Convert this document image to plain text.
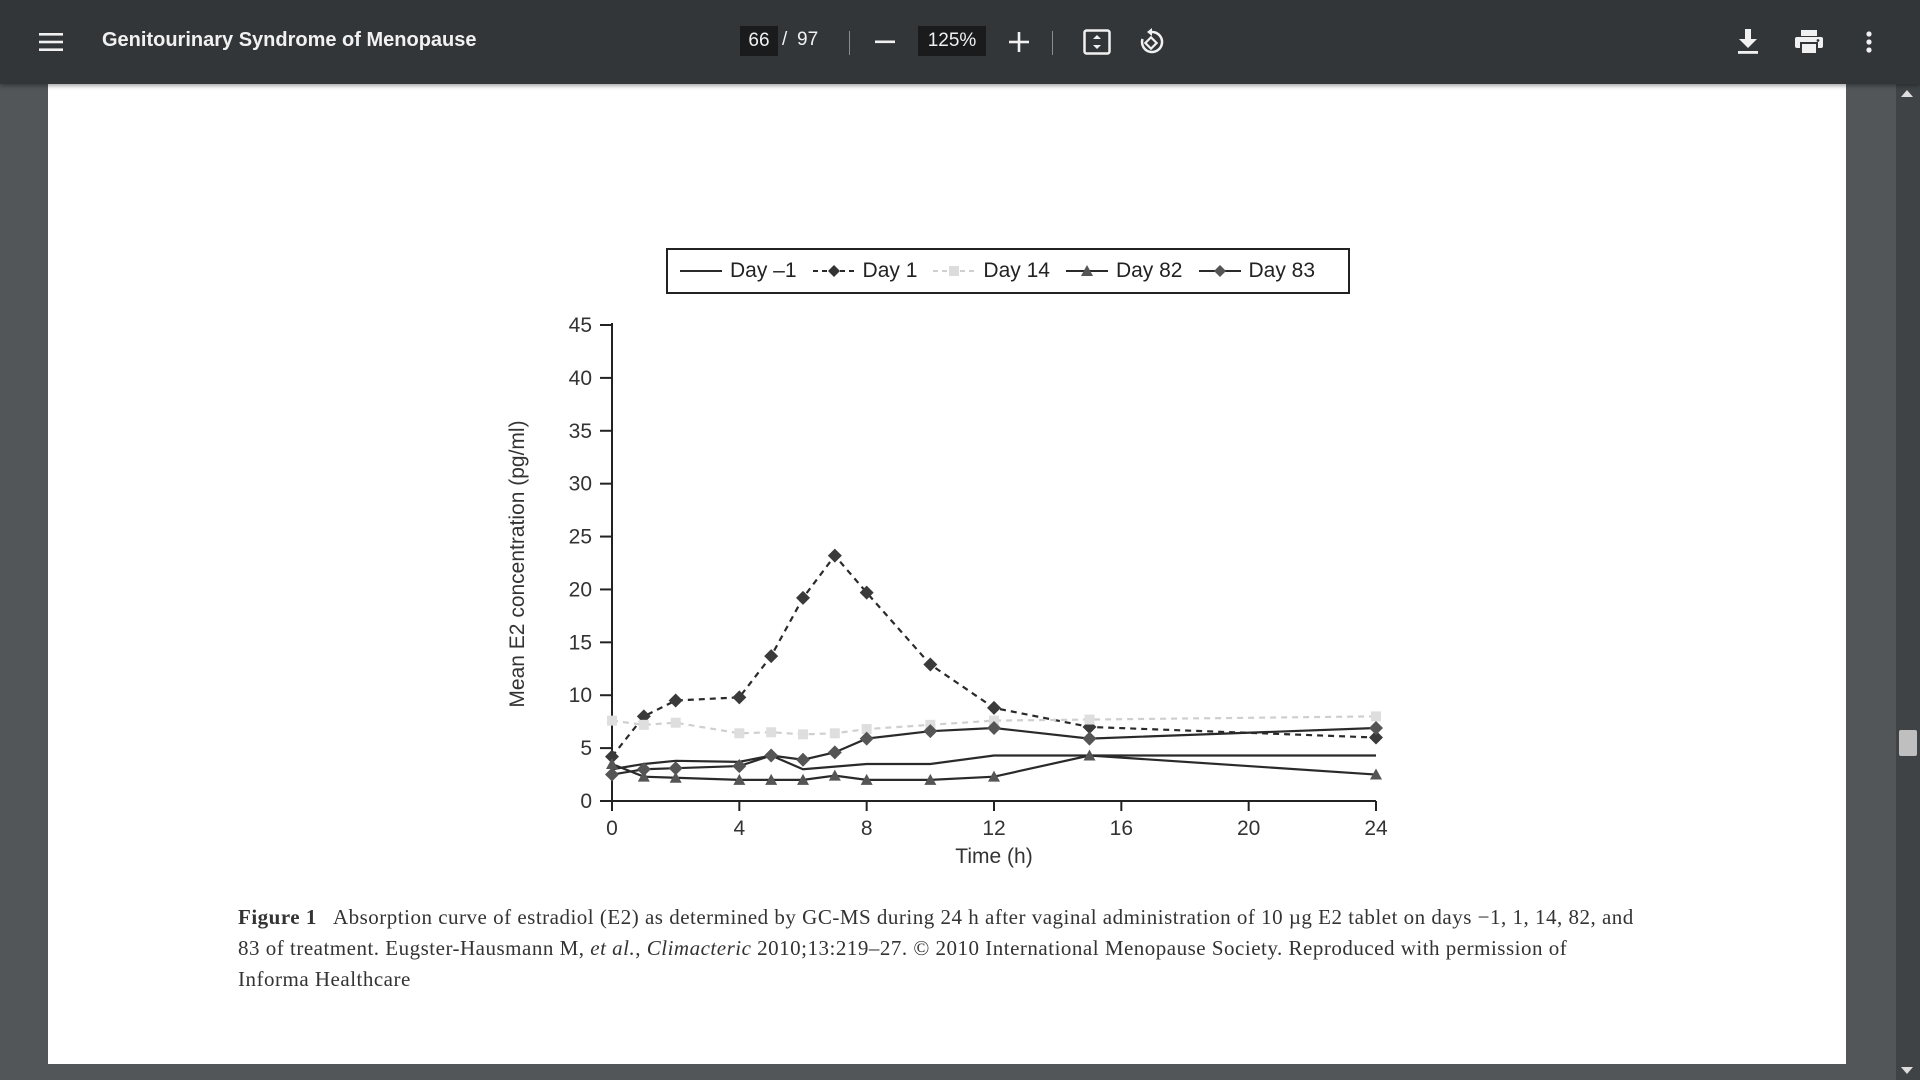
Genitourinary Syndrome of Menopause	66 / 97	125%
Day –1	Day 1	Day 14	Day 82	Day 83
Mean E2 concentration (pg/ml)
0
5
10
15
20
25
30
35
40
45
0	4	8	12	16	20	24
Time (h)
Figure 1 Absorption curve of estradiol (E2) as determined by GC-MS during 24 h after vaginal administration of 10 µg E2 tablet on days −1, 1, 14, 82, and 83 of treatment. Eugster-Hausmann M, et al., Climacteric 2010;13:219–27. © 2010 International Menopause Society. Reproduced with permission of Informa Healthcare
